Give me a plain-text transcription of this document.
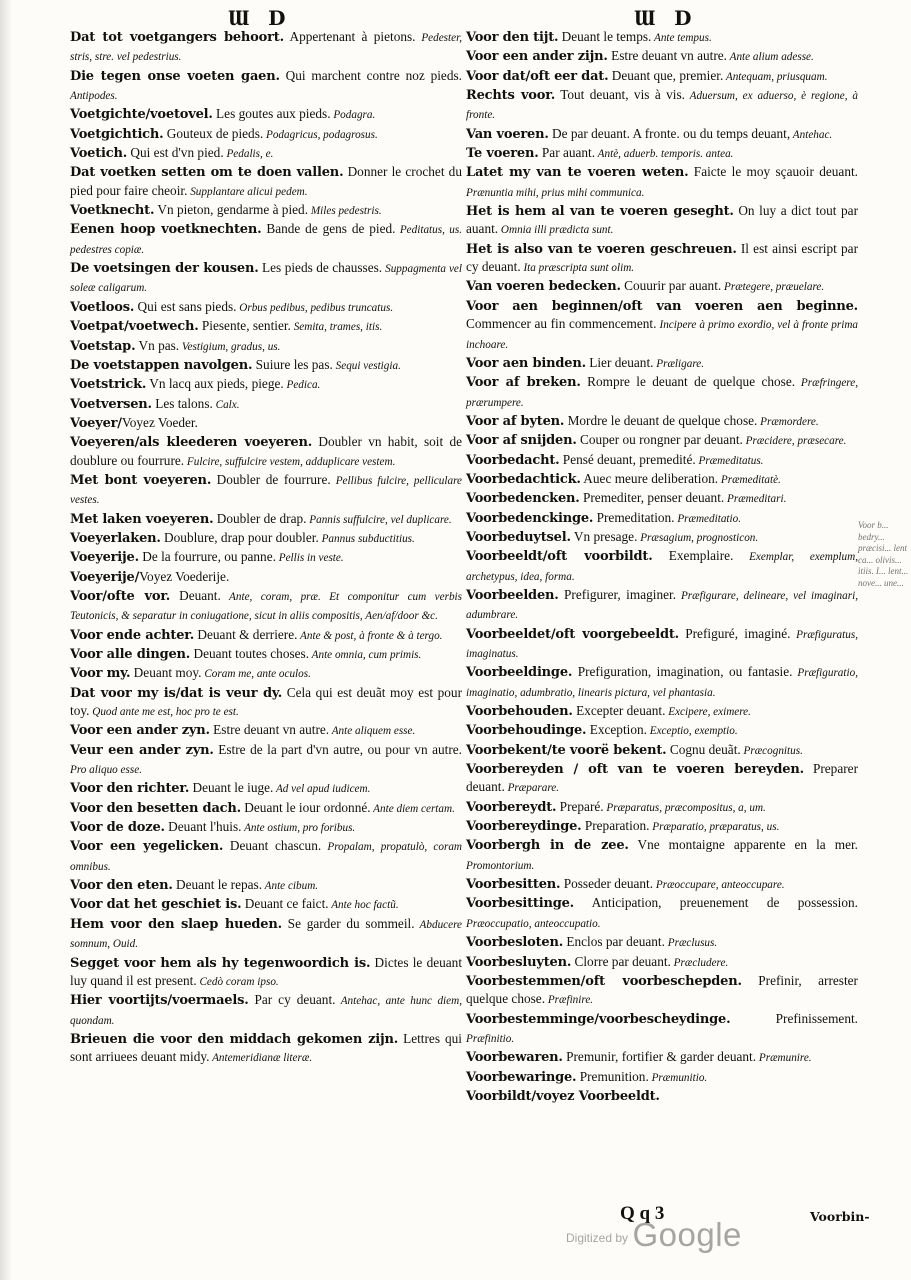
Ɯ D	Ɯ D
Dat tot voetgangers behoort. Appertenant à pietons. Pedester, stris, stre. vel pedestrius.
Die tegen onse voeten gaen. Qui marchent contre noz pieds. Antipodes.
Voetgichte/voetovel. Les goutes aux pieds. Podagra.
Voetgichtich. Gouteux de pieds. Podagricus, podagrosus.
Voetich. Qui est d'vn pied. Pedalis, e.
Dat voetken setten om te doen vallen. Donner le crochet du pied pour faire cheoir. Supplantare alicui pedem.
Voetknecht. Vn pieton, gendarme à pied. Miles pedestris.
Eenen hoop voetknechten. Bande de gens de pied. Peditatus, us. pedestres copiæ.
De voetsingen der kousen. Les pieds de chausses. Suppagmenta vel soleæ caligarum.
Voetloos. Qui est sans pieds. Orbus pedibus, pedibus truncatus.
Voetpat/voetwech. Piesente, sentier. Semita, trames, itis.
Voetstap. Vn pas. Vestigium, gradus, us.
De voetstappen navolgen. Suiure les pas. Sequi vestigia.
Voetstrick. Vn lacq aux pieds, piege. Pedica.
Voetversen. Les talons. Calx.
Voeyer/Voyez Voeder.
Voeyeren/als kleederen voeyeren. Doubler vn habit, soit de doublure ou fourrure. Fulcire, suffulcire vestem, adduplicare vestem.
Met bont voeyeren. Doubler de fourrure. Pellibus fulcire, pelliculare vestes.
Met laken voeyeren. Doubler de drap. Pannis suffulcire, vel duplicare.
Voeyerlaken. Doublure, drap pour doubler. Pannus subductitius.
Voeyerije. De la fourrure, ou panne. Pellis in veste.
Voeyerije/Voyez Voederije.
Voor/ofte vor. Deuant. Ante, coram, præ. Et componitur cum verbis Teutonicis, & separatur in coniugatione, sicut in aliis compositis, Aen/af/door &c.
Voor ende achter. Deuant & derriere. Ante & post, à fronte & à tergo.
Voor alle dingen. Deuant toutes choses. Ante omnia, cum primis.
Voor my. Deuant moy. Coram me, ante oculos.
Dat voor my is/dat is veur dy. Cela qui est deuãt moy est pour toy. Quod ante me est, hoc pro te est.
Voor een ander zyn. Estre deuant vn autre. Ante aliquem esse.
Veur een ander zyn. Estre de la part d'vn autre, ou pour vn autre. Pro aliquo esse.
Voor den richter. Deuant le iuge. Ad vel apud iudicem.
Voor den besetten dach. Deuant le iour ordonné. Ante diem certam.
Voor de doze. Deuant l'huis. Ante ostium, pro foribus.
Voor een yegelicken. Deuant chascun. Propalam, propatulò, coram omnibus.
Voor den eten. Deuant le repas. Ante cibum.
Voor dat het geschiet is. Deuant ce faict. Ante hoc factũ.
Hem voor den slaep hueden. Se garder du sommeil. Abducere somnum, Ouid.
Segget voor hem als hy tegenwoordich is. Dictes le deuant luy quand il est present. Cedò coram ipso.
Hier voortijts/voermaels. Par cy deuant. Antehac, ante hunc diem, quondam.
Brieuen die voor den middach gekomen zijn. Lettres qui sont arriuees deuant midy. Antemeridianæ literæ.
Voor den tijt. Deuant le temps. Ante tempus.
Voor een ander zijn. Estre deuant vn autre. Ante alium adesse.
Voor dat/oft eer dat. Deuant que, premier. Antequam, priusquam.
Rechts voor. Tout deuant, vis à vis. Aduersum, ex aduerso, è regione, à fronte.
Van voeren. De par deuant. A fronte. ou du temps deuant, Antehac.
Te voeren. Par auant. Antè, aduerb. temporis. antea.
Latet my van te voeren weten. Faicte le moy sçauoir deuant. Prænuntia mihi, prius mihi communica.
Het is hem al van te voeren geseght. On luy a dict tout par auant. Omnia illi prædicta sunt.
Het is also van te voeren geschreuen. Il est ainsi escript par cy deuant. Ita præscripta sunt olim.
Van voeren bedecken. Couurir par auant. Prætegere, præuelare.
Voor aen beginnen/oft van voeren aen beginne. Commencer au fin commencement. Incipere à primo exordio, vel à fronte prima inchoare.
Voor aen binden. Lier deuant. Præligare.
Voor af breken. Rompre le deuant de quelque chose. Præfringere, prærumpere.
Voor af byten. Mordre le deuant de quelque chose. Præmordere.
Voor af snijden. Couper ou rongner par deuant. Præcidere, præsecare.
Voorbedacht. Pensé deuant, premedité. Præmeditatus.
Voorbedachtick. Auec meure deliberation. Præmeditatè.
Voorbedencken. Premediter, penser deuant. Præmeditari.
Voorbedenckinge. Premeditation. Præmeditatio.
Voorbeduytsel. Vn presage. Præsagium, prognosticon.
Voorbeeldt/oft voorbildt. Exemplaire. Exemplar, exemplum, archetypus, idea, forma.
Voorbeelden. Prefigurer, imaginer. Præfigurare, delineare, vel imaginari, adumbrare.
Voorbeeldet/oft voorgebeeldt. Prefiguré, imaginé. Præfiguratus, imaginatus.
Voorbeeldinge. Prefiguration, imagination, ou fantasie. Præfiguratio, imaginatio, adumbratio, linearis pictura, vel phantasia.
Voorbehouden. Excepter deuant. Excipere, eximere.
Voorbehoudinge. Exception. Exceptio, exemptio.
Voorbekent/te voorë bekent. Cognu deuãt. Præcognitus.
Voorbereyden / oft van te voeren bereyden. Preparer deuant. Præparare.
Voorbereydt. Preparé. Præparatus, præcompositus, a, um.
Voorbereydinge. Preparation. Præparatio, præparatus, us.
Voorbergh in de zee. Vne montaigne apparente en la mer. Promontorium.
Voorbesitten. Posseder deuant. Præoccupare, anteoccupare.
Voorbesittinge. Anticipation, preuenement de possession. Præoccupatio, anteoccupatio.
Voorbesloten. Enclos par deuant. Præclusus.
Voorbesluyten. Clorre par deuant. Præcludere.
Voorbestemmen/oft voorbeschepden. Prefinir, arrester quelque chose. Præfinire.
Voorbestemminge/voorbescheydinge. Prefinissement. Præfinitio.
Voorbewaren. Premunir, fortifier & garder deuant. Præmunire.
Voorbewaringe. Premunition. Præmunitio.
Voorbildt/voyez Voorbeeldt.
Voor b... bedry... præcisi... lent ca... olivis... itiis. I... lent... nove... une...
Q q 3	Voorbin-
$^{Digitized by}$ Google
